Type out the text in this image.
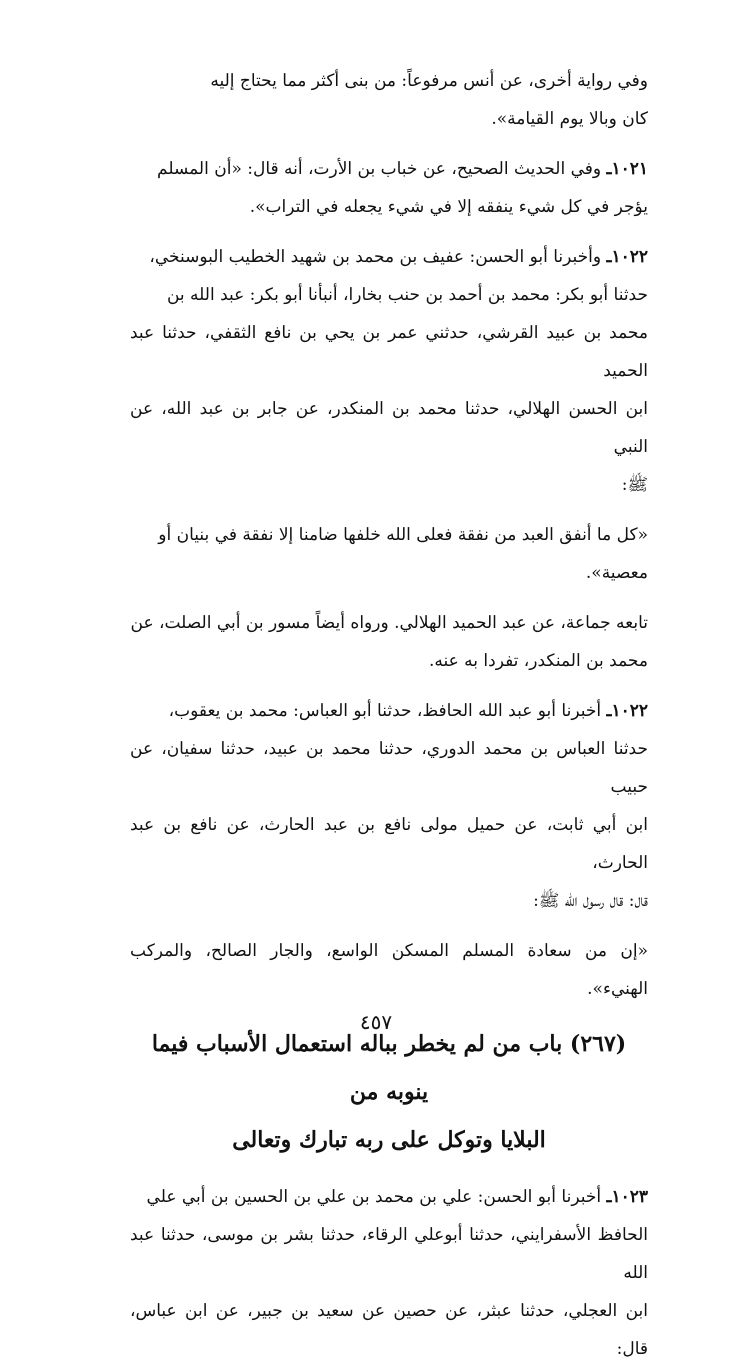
وفي رواية أخرى، عن أنس مرفوعاً: من بنى أكثر مما يحتاج إليه
كان وبالا يوم القيامة».
١٠٢١ـ وفي الحديث الصحيح، عن خباب بن الأرت، أنه قال: «أن المسلم
يؤجر في كل شيء ينفقه إلا في شيء يجعله في التراب».
١٠٢٢ـ وأخبرنا أبو الحسن: عفيف بن محمد بن شهيد الخطيب البوسنخي،
حدثنا أبو بكر: محمد بن أحمد بن حنب بخارا، أنبأنا أبو بكر: عبد الله بن
محمد بن عبيد القرشي، حدثني عمر بن يحي بن نافع الثقفي، حدثنا عبد الحميد
ابن الحسن الهلالي، حدثنا محمد بن المنكدر، عن جابر بن عبد الله، عن النبي
ﷺ:
«كل ما أنفق العبد من نفقة فعلى الله خلفها ضامنا إلا نفقة في بنيان أو
معصية».
تابعه جماعة، عن عبد الحميد الهلالي. ورواه أيضاً مسور بن أبي الصلت، عن
محمد بن المنكدر، تفردا به عنه.
١٠٢٢ـ أخبرنا أبو عبد الله الحافظ، حدثنا أبو العباس: محمد بن يعقوب،
حدثنا العباس بن محمد الدوري، حدثنا محمد بن عبيد، حدثنا سفيان، عن حبيب
ابن أبي ثابت، عن حميل مولى نافع بن عبد الحارث، عن نافع بن عبد الحارث،
قال: قال رسول الله ﷺ:
«إن من سعادة المسلم المسكن الواسع، والجار الصالح، والمركب الهنيء».
(٢٦٧) باب من لم يخطر بباله استعمال الأسباب فيما ينوبه من
البلايا وتوكل على ربه تبارك وتعالى
١٠٢٣ـ أخبرنا أبو الحسن: علي بن محمد بن علي بن الحسين بن أبي علي
الحافظ الأسفرايني، حدثنا أبوعلي الرقاء، حدثنا بشر بن موسى، حدثنا عبد الله
ابن العجلي، حدثنا عبثر، عن حصين عن سعيد بن جبير، عن ابن عباس، قال:
٤٥٧
